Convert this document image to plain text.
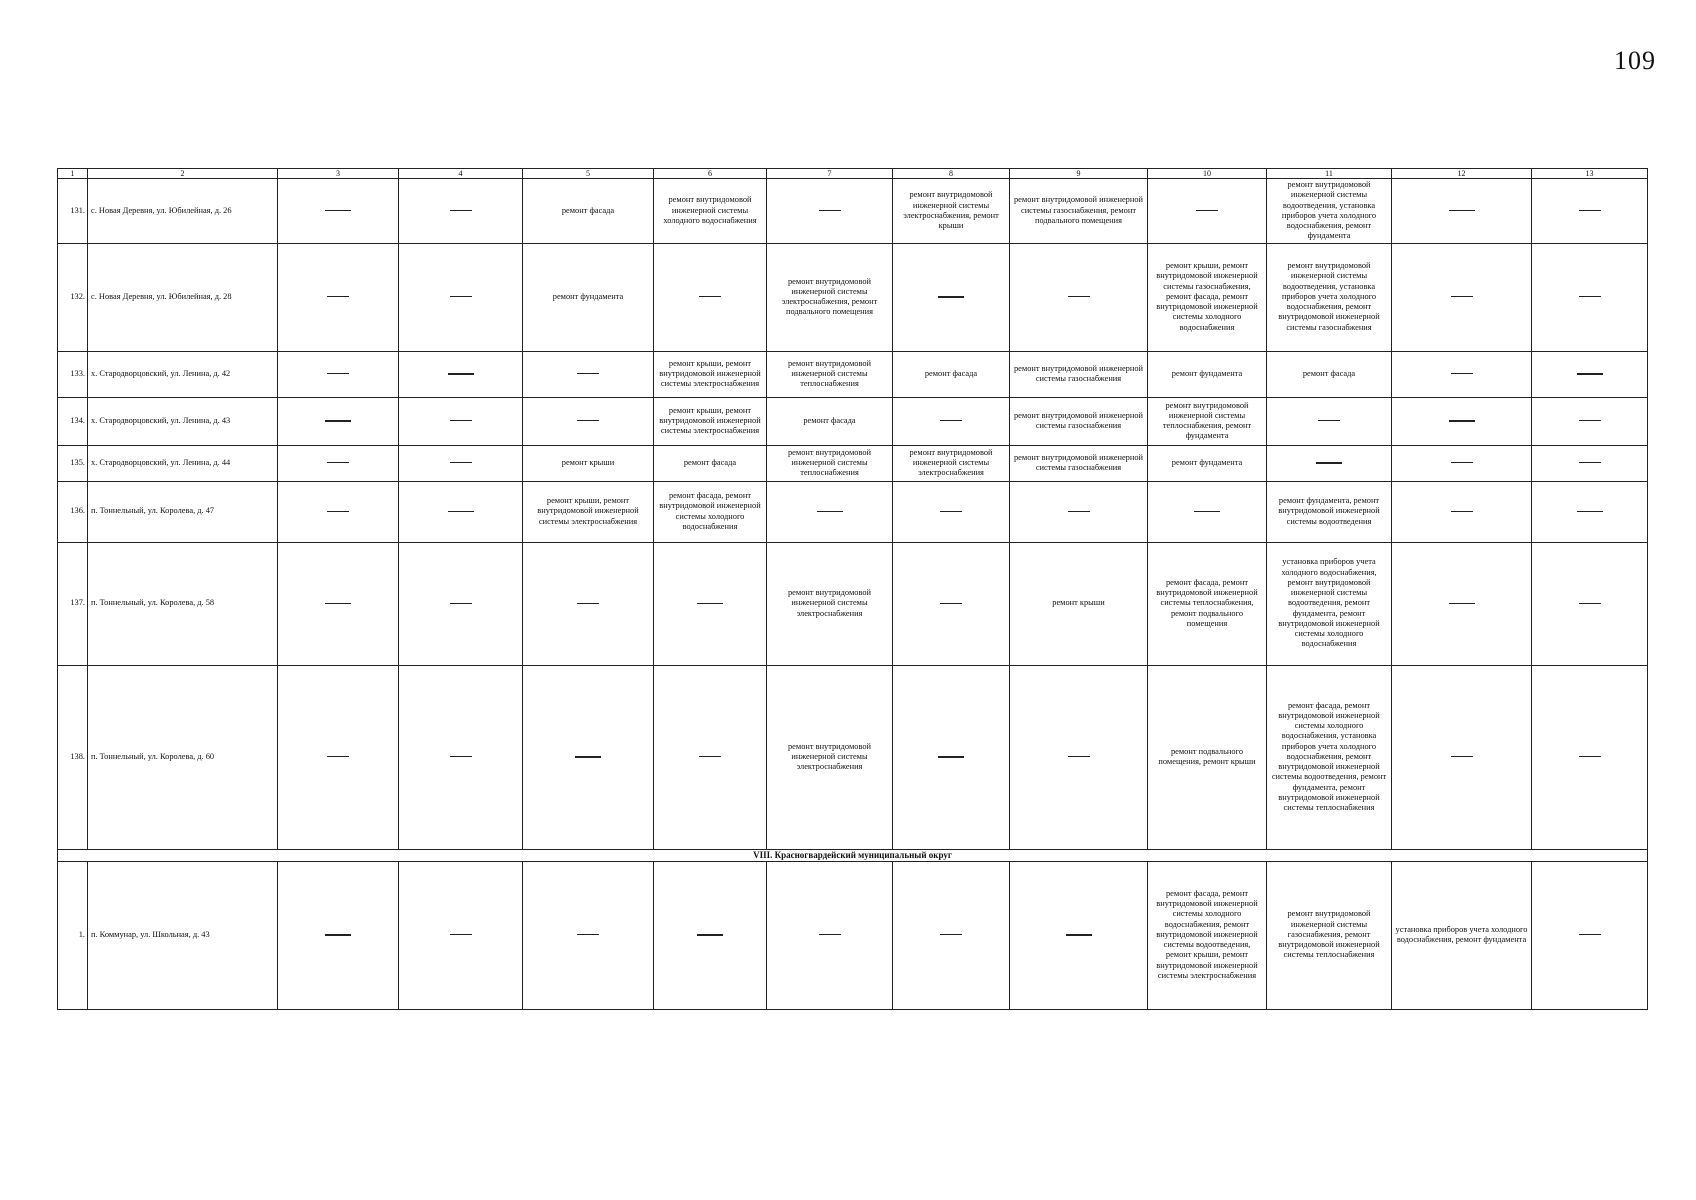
109
1	2	3	4	5	6	7	8	9	10	11	12	13
131.	с. Новая Деревня, ул. Юбилейная, д. 26			ремонт фасада	ремонт внутридомовой инженерной системы холодного водоснабжения		ремонт внутридомовой инженерной системы электроснабжения, ремонт крыши	ремонт внутридомовой инженерной системы газоснабжения, ремонт подвального помещения		ремонт внутридомовой инженерной системы водоотведения, установка приборов учета холодного водоснабжения, ремонт фундамента		
132.	с. Новая Деревня, ул. Юбилейная, д. 28			ремонт фундамента		ремонт внутридомовой инженерной системы электроснабжения, ремонт подвального помещения			ремонт крыши, ремонт внутридомовой инженерной системы газоснабжения, ремонт фасада, ремонт внутридомовой инженерной системы холодного водоснабжения	ремонт внутридомовой инженерной системы водоотведения, установка приборов учета холодного водоснабжения, ремонт внутридомовой инженерной системы газоснабжения		
133.	х. Стародворцовский, ул. Ленина, д. 42				ремонт крыши, ремонт внутридомовой инженерной системы электроснабжения	ремонт внутридомовой инженерной системы теплоснабжения	ремонт фасада	ремонт внутридомовой инженерной системы газоснабжения	ремонт фундамента	ремонт фасада		
134.	х. Стародворцовский, ул. Ленина, д. 43				ремонт крыши, ремонт внутридомовой инженерной системы электроснабжения	ремонт фасада		ремонт внутридомовой инженерной системы газоснабжения	ремонт внутридомовой инженерной системы теплоснабжения, ремонт фундамента			
135.	х. Стародворцовский, ул. Ленина, д. 44			ремонт крыши	ремонт фасада	ремонт внутридомовой инженерной системы теплоснабжения	ремонт внутридомовой инженерной системы электроснабжения	ремонт внутридомовой инженерной системы газоснабжения	ремонт фундамента			
136.	п. Тоннельный, ул. Королева, д. 47			ремонт крыши, ремонт внутридомовой инженерной системы электроснабжения	ремонт фасада, ремонт внутридомовой инженерной системы холодного водоснабжения					ремонт фундамента, ремонт внутридомовой инженерной системы водоотведения		
137.	п. Тоннельный, ул. Королева, д. 58					ремонт внутридомовой инженерной системы электроснабжения		ремонт крыши	ремонт фасада, ремонт внутридомовой инженерной системы теплоснабжения, ремонт подвального помещения	установка приборов учета холодного водоснабжения, ремонт внутридомовой инженерной системы водоотведения, ремонт фундамента, ремонт внутридомовой инженерной системы холодного водоснабжения		
138.	п. Тоннельный, ул. Королева, д. 60					ремонт внутридомовой инженерной системы электроснабжения			ремонт подвального помещения, ремонт крыши	ремонт фасада, ремонт внутридомовой инженерной системы холодного водоснабжения, установка приборов учета холодного водоснабжения, ремонт внутридомовой инженерной системы водоотведения, ремонт фундамента, ремонт внутридомовой инженерной системы теплоснабжения		
VIII. Красногвардейский муниципальный округ												
1.	п. Коммунар, ул. Школьная, д. 43								ремонт фасада, ремонт внутридомовой инженерной системы холодного водоснабжения, ремонт внутридомовой инженерной системы водоотведения, ремонт крыши, ремонт внутридомовой инженерной системы электроснабжения	ремонт внутридомовой инженерной системы газоснабжения, ремонт внутридомовой инженерной системы теплоснабжения	установка приборов учета холодного водоснабжения, ремонт фундамента	
